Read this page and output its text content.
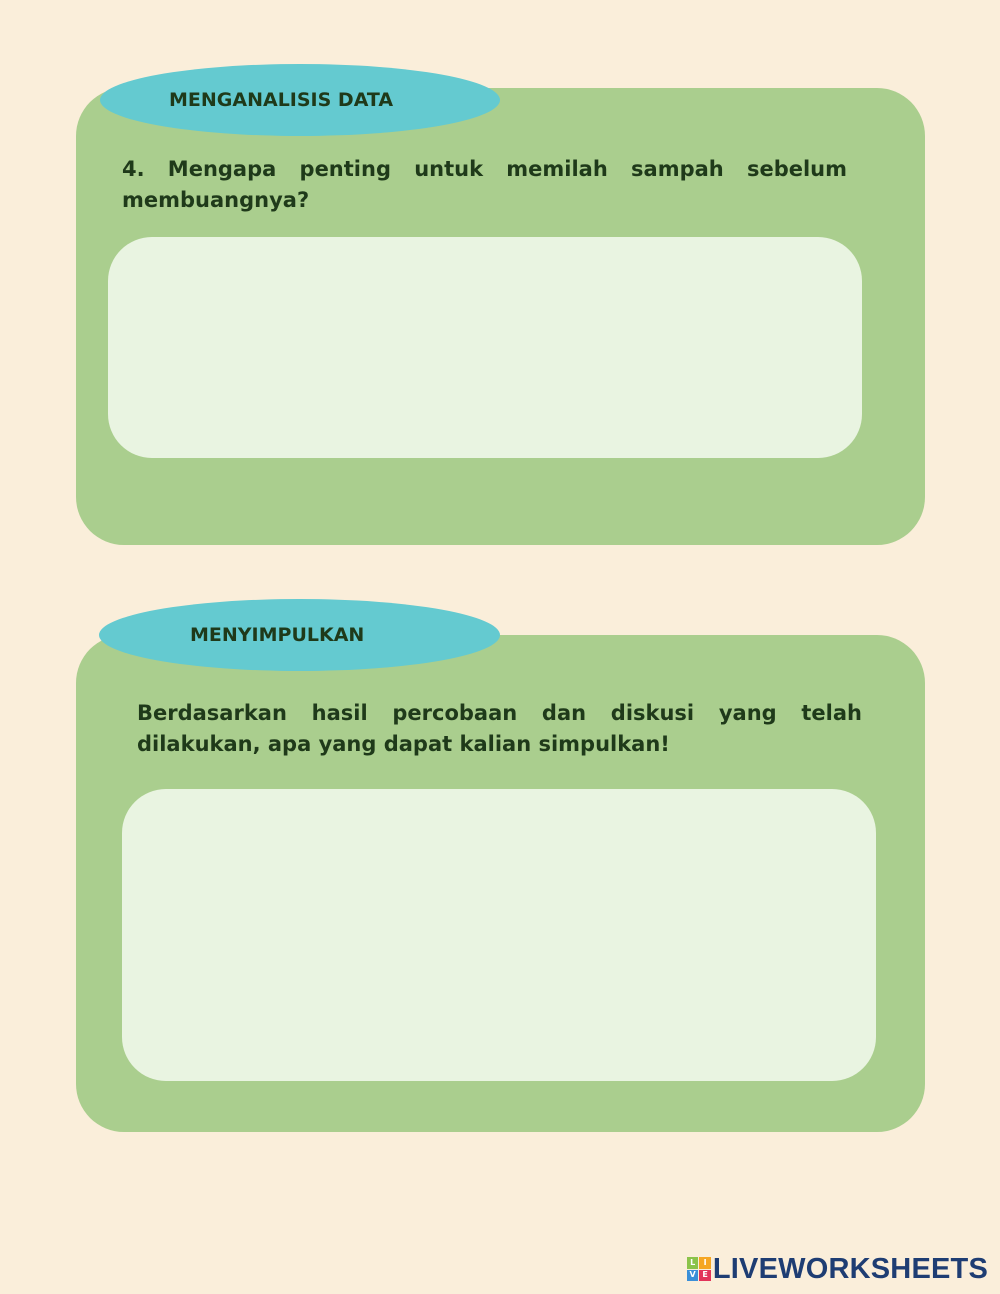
MENGANALISIS DATA

4. Mengapa penting untuk memilah sampah sebelum membuangnya?

MENYIMPULKAN

Berdasarkan hasil percobaan dan diskusi yang telah dilakukan, apa yang dapat kalian simpulkan!

L	I
V E LIVEWORKSHEETS
